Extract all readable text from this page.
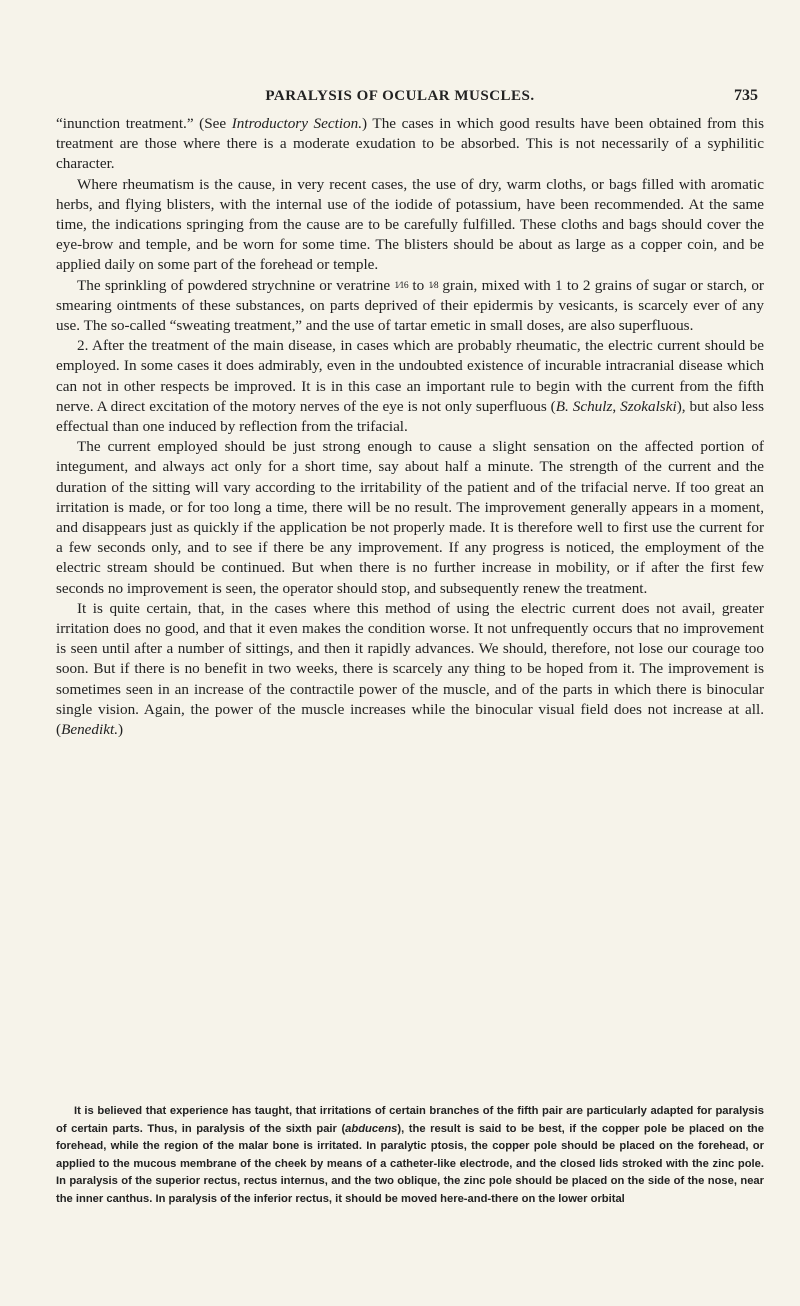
PARALYSIS OF OCULAR MUSCLES.	735

“inunction treatment.” (See Introductory Section.) The cases in which good results have been obtained from this treatment are those where there is a moderate exudation to be absorbed. This is not necessarily of a syphilitic character.

Where rheumatism is the cause, in very recent cases, the use of dry, warm cloths, or bags filled with aromatic herbs, and flying blisters, with the internal use of the iodide of potassium, have been recommended. At the same time, the indications springing from the cause are to be carefully fulfilled. These cloths and bags should cover the eye-brow and temple, and be worn for some time. The blisters should be about as large as a copper coin, and be applied daily on some part of the forehead or temple.

The sprinkling of powdered strychnine or veratrine 1⁄16 to 1⁄8 grain, mixed with 1 to 2 grains of sugar or starch, or smearing ointments of these substances, on parts deprived of their epidermis by vesicants, is scarcely ever of any use. The so-called “sweating treatment,” and the use of tartar emetic in small doses, are also superfluous.

2. After the treatment of the main disease, in cases which are probably rheumatic, the electric current should be employed. In some cases it does admirably, even in the undoubted existence of incurable intracranial disease which can not in other respects be improved. It is in this case an important rule to begin with the current from the fifth nerve. A direct excitation of the motory nerves of the eye is not only superfluous (B. Schulz, Szokalski), but also less effectual than one induced by reflection from the trifacial.

The current employed should be just strong enough to cause a slight sensation on the affected portion of integument, and always act only for a short time, say about half a minute. The strength of the current and the duration of the sitting will vary according to the irritability of the patient and of the trifacial nerve. If too great an irritation is made, or for too long a time, there will be no result. The improvement generally appears in a moment, and disappears just as quickly if the application be not properly made. It is therefore well to first use the current for a few seconds only, and to see if there be any improvement. If any progress is noticed, the employment of the electric stream should be continued. But when there is no further increase in mobility, or if after the first few seconds no improvement is seen, the operator should stop, and subsequently renew the treatment.

It is quite certain, that, in the cases where this method of using the electric current does not avail, greater irritation does no good, and that it even makes the condition worse. It not unfrequently occurs that no improvement is seen until after a number of sittings, and then it rapidly advances. We should, therefore, not lose our courage too soon. But if there is no benefit in two weeks, there is scarcely any thing to be hoped from it. The improvement is sometimes seen in an increase of the contractile power of the muscle, and of the parts in which there is binocular single vision. Again, the power of the muscle increases while the binocular visual field does not increase at all. (Benedikt.)

It is believed that experience has taught, that irritations of certain branches of the fifth pair are particularly adapted for paralysis of certain parts. Thus, in paralysis of the sixth pair (abducens), the result is said to be best, if the copper pole be placed on the forehead, while the region of the malar bone is irritated. In paralytic ptosis, the copper pole should be placed on the forehead, or applied to the mucous membrane of the cheek by means of a catheter-like electrode, and the closed lids stroked with the zinc pole. In paralysis of the superior rectus, rectus internus, and the two oblique, the zinc pole should be placed on the side of the nose, near the inner canthus. In paralysis of the inferior rectus, it should be moved here-and-there on the lower orbital
